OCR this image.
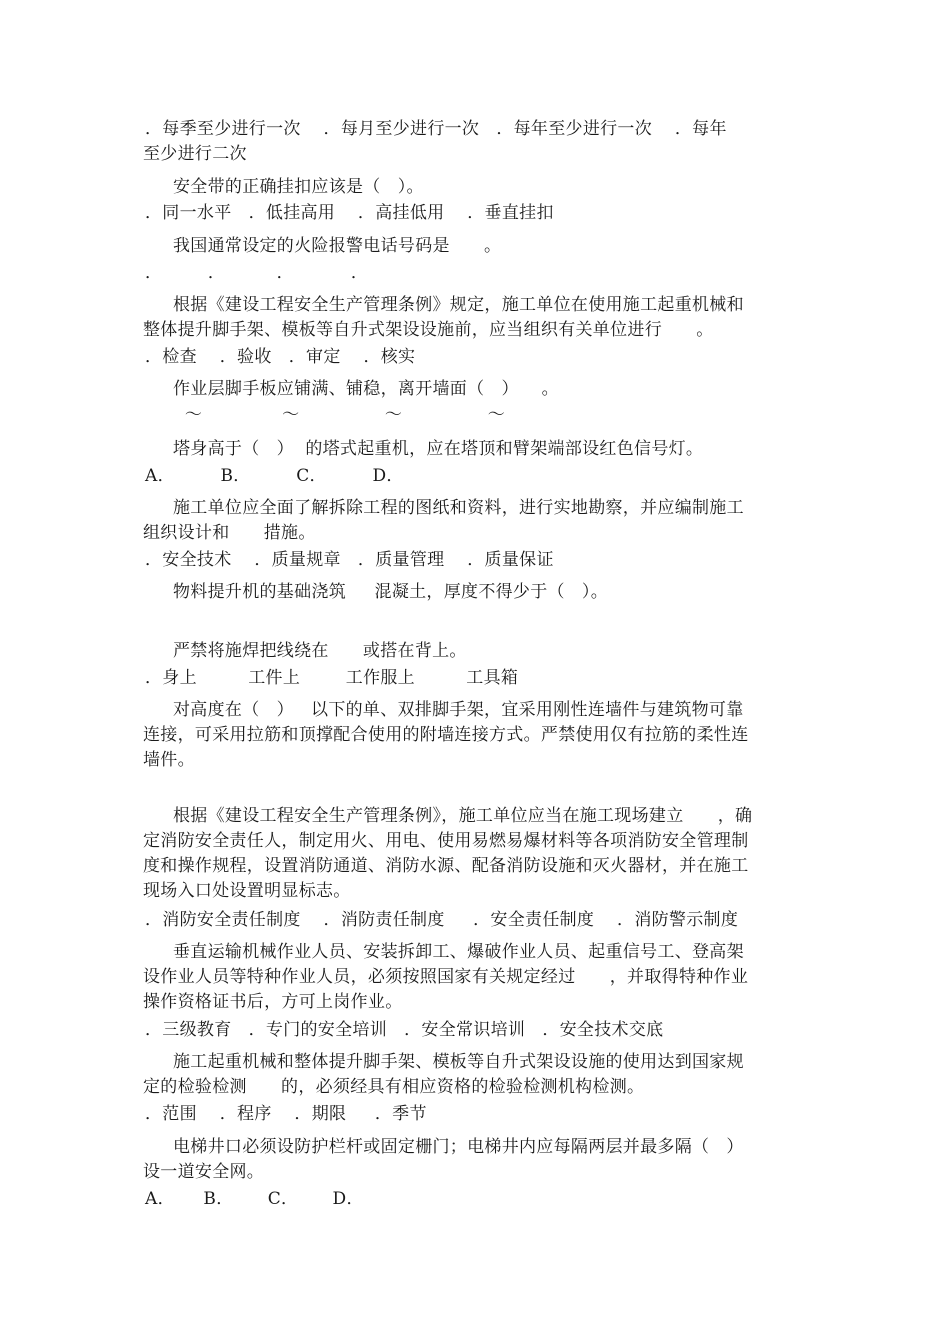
．每季至少进行一次    ．每月至少进行一次   ．每年至少进行一次    ．每年
至少进行二次
安全带的正确挂扣应该是（   ）。
．同一水平   ．低挂高用    ．高挂低用    ．垂直挂扣
我国通常设定的火险报警电话号码是      。
．        ．         ．          ．
根据《建设工程安全生产管理条例》规定，施工单位在使用施工起重机械和
整体提升脚手架、模板等自升式架设设施前，应当组织有关单位进行      。
．检查    ．验收   ．审定    ．核实
作业层脚手板应铺满、铺稳，离开墙面（   ）    。
～              ～               ～               ～
塔身高于（   ）  的塔式起重机，应在塔顶和臂架端部设红色信号灯。
A．        B．        C．        D．
施工单位应全面了解拆除工程的图纸和资料，进行实地勘察，并应编制施工
组织设计和      措施。
．安全技术    ．质量规章   ．质量管理    ．质量保证
物料提升机的基础浇筑     混凝土，厚度不得少于（   ）。
严禁将施焊把线绕在      或搭在背上。
．身上         工件上        工作服上         工具箱
对高度在（   ）   以下的单、双排脚手架，宜采用刚性连墙件与建筑物可靠
连接，可采用拉筋和顶撑配合使用的附墙连接方式。严禁使用仅有拉筋的柔性连
墙件。
根据《建设工程安全生产管理条例》，施工单位应当在施工现场建立      ，确
定消防安全责任人，制定用火、用电、使用易燃易爆材料等各项消防安全管理制
度和操作规程，设置消防通道、消防水源、配备消防设施和灭火器材，并在施工
现场入口处设置明显标志。
．消防安全责任制度    ．消防责任制度     ．安全责任制度    ．消防警示制度
垂直运输机械作业人员、安装拆卸工、爆破作业人员、起重信号工、登高架
设作业人员等特种作业人员，必须按照国家有关规定经过      ，并取得特种作业
操作资格证书后，方可上岗作业。
．三级教育   ．专门的安全培训   ．安全常识培训   ．安全技术交底
施工起重机械和整体提升脚手架、模板等自升式架设设施的使用达到国家规
定的检验检测      的，必须经具有相应资格的检验检测机构检测。
．范围    ．程序    ．期限     ．季节
电梯井口必须设防护栏杆或固定栅门；电梯井内应每隔两层并最多隔（   ）
设一道安全网。
A．     B．      C．      D．
